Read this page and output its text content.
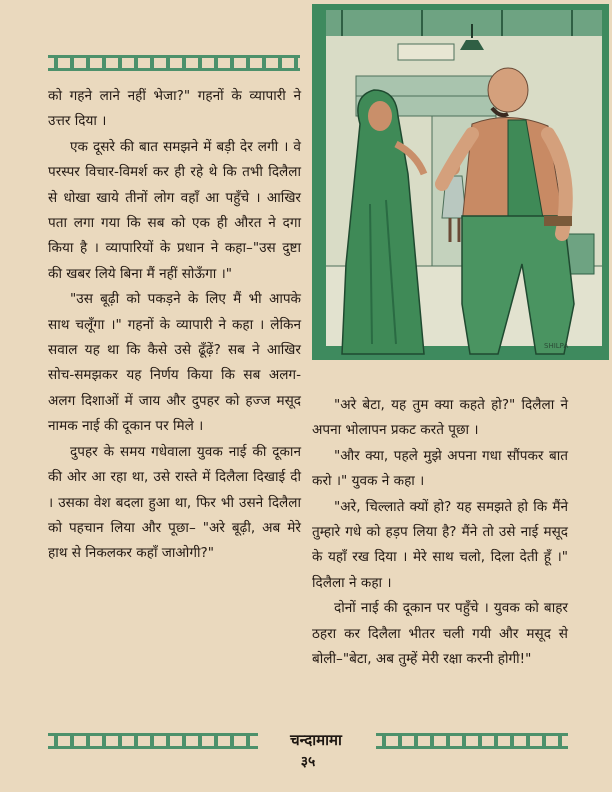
को गहने लाने नहीं भेजा?" गहनों के व्यापारी ने उत्तर दिया ।

एक दूसरे की बात समझने में बड़ी देर लगी । वे परस्पर विचार-विमर्श कर ही रहे थे कि तभी दिलैला से धोखा खाये तीनों लोग वहाँ आ पहुँचे । आखिर पता लगा गया कि सब को एक ही औरत ने दगा किया है । व्यापारियों के प्रधान ने कहा–"उस दुष्टा की खबर लिये बिना मैं नहीं सोऊँगा ।"

"उस बूढ़ी को पकड़ने के लिए मैं भी आपके साथ चलूँगा ।" गहनों के व्यापारी ने कहा । लेकिन सवाल यह था कि कैसे उसे ढूँढ़ें? सब ने आखिर सोच-समझकर यह निर्णय किया कि सब अलग-अलग दिशाओं में जाय और दुपहर को हज्ज मसूद नामक नाई की दूकान पर मिले ।

दुपहर के समय गधेवाला युवक नाई की दूकान की ओर आ रहा था, उसे रास्ते में दिलैला दिखाई दी । उसका वेश बदला हुआ था, फिर भी उसने दिलैला को पहचान लिया और पूछा– "अरे बूढ़ी, अब मेरे हाथ से निकलकर कहाँ जाओगी?"

SHILPA

"अरे बेटा, यह तुम क्या कहते हो?" दिलैला ने अपना भोलापन प्रकट करते पूछा ।

"और क्या, पहले मुझे अपना गधा सौंपकर बात करो ।" युवक ने कहा ।

"अरे, चिल्लाते क्यों हो? यह समझते हो कि मैंने तुम्हारे गधे को हड़प लिया है? मैंने तो उसे नाई मसूद के यहाँ रख दिया । मेरे साथ चलो, दिला देती हूँ ।" दिलैला ने कहा ।

दोनों नाई की दूकान पर पहुँचे । युवक को बाहर ठहरा कर दिलैला भीतर चली गयी और मसूद से बोली–"बेटा, अब तुम्हें मेरी रक्षा करनी होगी!"

चन्दामामा
३५
